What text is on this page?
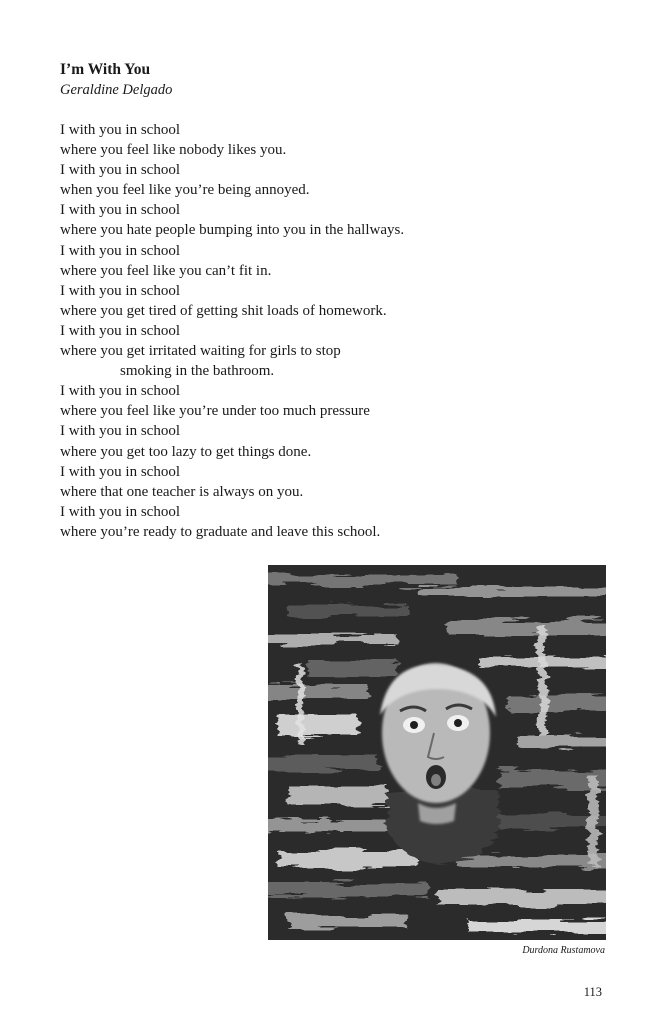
I’m With You
Geraldine Delgado
I with you in school
where you feel like nobody likes you.
I with you in school
when you feel like you’re being annoyed.
I with you in school
where you hate people bumping into you in the hallways.
I with you in school
where you feel like you can’t fit in.
I with you in school
where you get tired of getting shit loads of homework.
I with you in school
where you get irritated waiting for girls to stop
smoking in the bathroom.
I with you in school
where you feel like you’re under too much pressure
I with you in school
where you get too lazy to get things done.
I with you in school
where that one teacher is always on you.
I with you in school
where you’re ready to graduate and leave this school.
Durdona Rustamova
113
